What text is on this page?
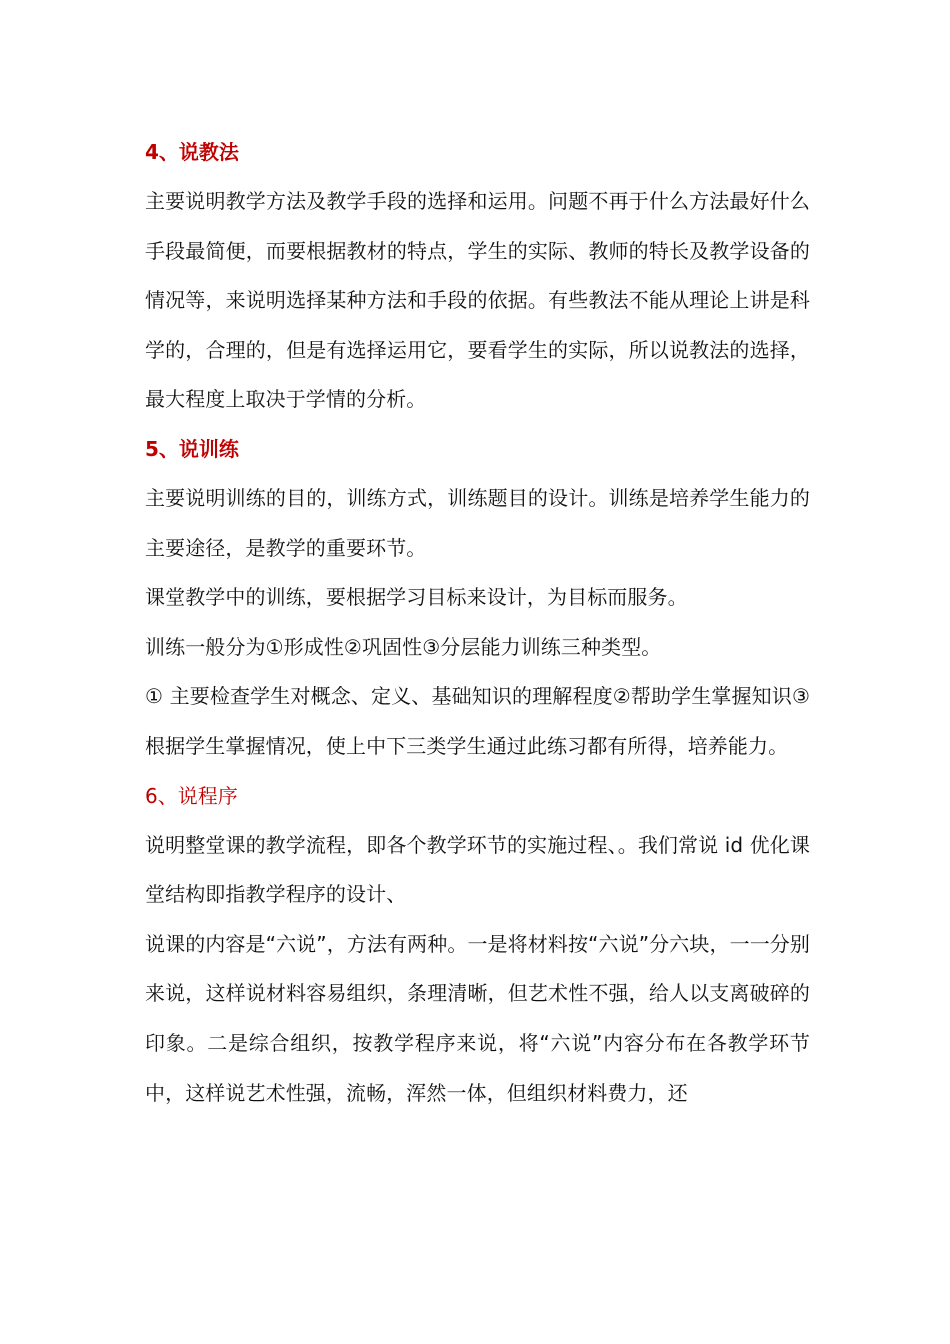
4、说教法

主要说明教学方法及教学手段的选择和运用。问题不再于什么方法最好什么手段最简便，而要根据教材的特点，学生的实际、教师的特长及教学设备的情况等，来说明选择某种方法和手段的依据。有些教法不能从理论上讲是科学的，合理的，但是有选择运用它，要看学生的实际，所以说教法的选择，最大程度上取决于学情的分析。

5、说训练

主要说明训练的目的，训练方式，训练题目的设计。训练是培养学生能力的主要途径，是教学的重要环节。

课堂教学中的训练，要根据学习目标来设计，为目标而服务。

训练一般分为①形成性②巩固性③分层能力训练三种类型。

① 主要检查学生对概念、定义、基础知识的理解程度②帮助学生掌握知识③根据学生掌握情况，使上中下三类学生通过此练习都有所得，培养能力。

6、说程序

说明整堂课的教学流程，即各个教学环节的实施过程、。我们常说 id 优化课堂结构即指教学程序的设计、

说课的内容是“六说”，方法有两种。一是将材料按“六说”分六块，一一分别来说，这样说材料容易组织，条理清晰，但艺术性不强，给人以支离破碎的印象。二是综合组织，按教学程序来说，将“六说”内容分布在各教学环节中，这样说艺术性强，流畅，浑然一体，但组织材料费力，还
